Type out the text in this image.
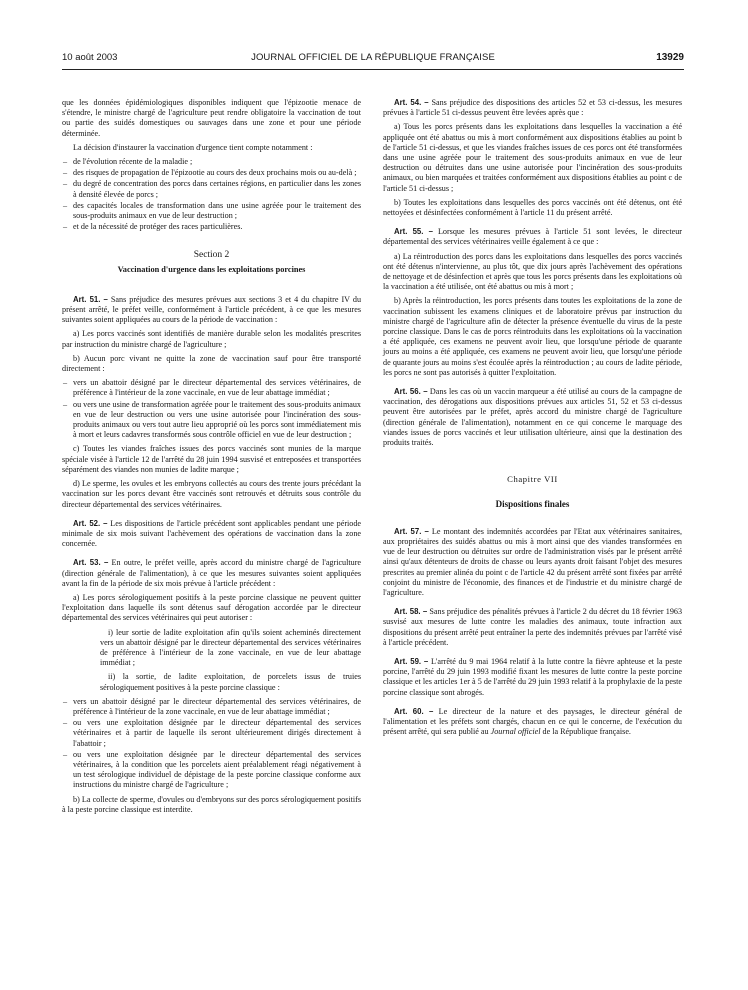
10 août 2003	JOURNAL OFFICIEL DE LA RÉPUBLIQUE FRANÇAISE	13929

que les données épidémiologiques disponibles indiquent que l'épizootie menace de s'étendre, le ministre chargé de l'agriculture peut rendre obligatoire la vaccination de tout ou partie des suidés domestiques ou sauvages dans une zone et pour une période déterminée.

La décision d'instaurer la vaccination d'urgence tient compte notamment :

– de l'évolution récente de la maladie ;
– des risques de propagation de l'épizootie au cours des deux prochains mois ou au-delà ;
– du degré de concentration des porcs dans certaines régions, en particulier dans les zones à densité élevée de porcs ;
– des capacités locales de transformation dans une usine agréée pour le traitement des sous-produits animaux en vue de leur destruction ;
– et de la nécessité de protéger des races particulières.
Section 2
Vaccination d'urgence dans les exploitations porcines

Art. 51. – Sans préjudice des mesures prévues aux sections 3 et 4 du chapitre IV du présent arrêté, le préfet veille, conformément à l'article précédent, à ce que les mesures suivantes soient appliquées au cours de la période de vaccination :

a) Les porcs vaccinés sont identifiés de manière durable selon les modalités prescrites par instruction du ministre chargé de l'agriculture ;

b) Aucun porc vivant ne quitte la zone de vaccination sauf pour être transporté directement :

– vers un abattoir désigné par le directeur départemental des services vétérinaires, de préférence à l'intérieur de la zone vaccinale, en vue de leur abattage immédiat ;
– ou vers une usine de transformation agréée pour le traitement des sous-produits animaux en vue de leur destruction ou vers une usine autorisée pour l'incinération des sous-produits animaux ou vers tout autre lieu approprié où les porcs sont immédiatement mis à mort et leurs cadavres transformés sous contrôle officiel en vue de leur destruction ;

c) Toutes les viandes fraîches issues des porcs vaccinés sont munies de la marque spéciale visée à l'article 12 de l'arrêté du 28 juin 1994 susvisé et entreposées et transportées séparément des viandes non munies de ladite marque ;

d) Le sperme, les ovules et les embryons collectés au cours des trente jours précédant la vaccination sur les porcs devant être vaccinés sont retrouvés et détruits sous contrôle du directeur départemental des services vétérinaires.

Art. 52. – Les dispositions de l'article précédent sont applicables pendant une période minimale de six mois suivant l'achèvement des opérations de vaccination dans la zone concernée.

Art. 53. – En outre, le préfet veille, après accord du ministre chargé de l'agriculture (direction générale de l'alimentation), à ce que les mesures suivantes soient appliquées avant la fin de la période de six mois prévue à l'article précédent :

a) Les porcs sérologiquement positifs à la peste porcine classique ne peuvent quitter l'exploitation dans laquelle ils sont détenus sauf dérogation accordée par le directeur départemental des services vétérinaires qui peut autoriser :

i) leur sortie de ladite exploitation afin qu'ils soient acheminés directement vers un abattoir désigné par le directeur départemental des services vétérinaires de préférence à l'intérieur de la zone vaccinale, en vue de leur abattage immédiat ;

ii) la sortie, de ladite exploitation, de porcelets issus de truies sérologiquement positives à la peste porcine classique :

– vers un abattoir désigné par le directeur départemental des services vétérinaires, de préférence à l'intérieur de la zone vaccinale, en vue de leur abattage immédiat ;
– ou vers une exploitation désignée par le directeur départemental des services vétérinaires et à partir de laquelle ils seront ultérieurement dirigés directement à l'abattoir ;
– ou vers une exploitation désignée par le directeur départemental des services vétérinaires, à la condition que les porcelets aient préalablement réagi négativement à un test sérologique individuel de dépistage de la peste porcine classique conforme aux instructions du ministre chargé de l'agriculture ;

b) La collecte de sperme, d'ovules ou d'embryons sur des porcs sérologiquement positifs à la peste porcine classique est interdite.

Art. 54. – Sans préjudice des dispositions des articles 52 et 53 ci-dessus, les mesures prévues à l'article 51 ci-dessus peuvent être levées après que :

a) Tous les porcs présents dans les exploitations dans lesquelles la vaccination a été appliquée ont été abattus ou mis à mort conformément aux dispositions établies au point b de l'article 51 ci-dessus, et que les viandes fraîches issues de ces porcs ont été transformées dans une usine agréée pour le traitement des sous-produits animaux en vue de leur destruction ou détruites dans une usine autorisée pour l'incinération des sous-produits animaux, ou bien marquées et traitées conformément aux dispositions établies au point c de l'article 51 ci-dessus ;

b) Toutes les exploitations dans lesquelles des porcs vaccinés ont été détenus, ont été nettoyées et désinfectées conformément à l'article 11 du présent arrêté.

Art. 55. – Lorsque les mesures prévues à l'article 51 sont levées, le directeur départemental des services vétérinaires veille également à ce que :

a) La réintroduction des porcs dans les exploitations dans lesquelles des porcs vaccinés ont été détenus n'intervienne, au plus tôt, que dix jours après l'achèvement des opérations de nettoyage et de désinfection et après que tous les porcs présents dans les exploitations où la vaccination a été utilisée, ont été abattus ou mis à mort ;

b) Après la réintroduction, les porcs présents dans toutes les exploitations de la zone de vaccination subissent les examens cliniques et de laboratoire prévus par instruction du ministre chargé de l'agriculture afin de détecter la présence éventuelle du virus de la peste porcine classique. Dans le cas de porcs réintroduits dans les exploitations où la vaccination a été appliquée, ces examens ne peuvent avoir lieu, que lorsqu'une période de quarante jours au moins a été appliquée, ces examens ne peuvent avoir lieu, que lorsqu'une période de quarante jours au moins s'est écoulée après la réintroduction ; au cours de ladite période, les porcs ne sont pas autorisés à quitter l'exploitation.

Art. 56. – Dans les cas où un vaccin marqueur a été utilisé au cours de la campagne de vaccination, des dérogations aux dispositions prévues aux articles 51, 52 et 53 ci-dessus peuvent être autorisées par le préfet, après accord du ministre chargé de l'agriculture (direction générale de l'alimentation), notamment en ce qui concerne le marquage des viandes issues de porcs vaccinés et leur utilisation ultérieure, ainsi que la destination des produits traités.

Chapitre VII
Dispositions finales

Art. 57. – Le montant des indemnités accordées par l'Etat aux vétérinaires sanitaires, aux propriétaires des suidés abattus ou mis à mort ainsi que des viandes transformées en vue de leur destruction ou détruites sur ordre de l'administration visés par le présent arrêté ainsi qu'aux détenteurs de droits de chasse ou leurs ayants droit faisant l'objet des mesures prescrites au premier alinéa du point c de l'article 42 du présent arrêté sont fixées par arrêté conjoint du ministre de l'économie, des finances et de l'industrie et du ministre chargé de l'agriculture.

Art. 58. – Sans préjudice des pénalités prévues à l'article 2 du décret du 18 février 1963 susvisé aux mesures de lutte contre les maladies des animaux, toute infraction aux dispositions du présent arrêté peut entraîner la perte des indemnités prévues par l'arrêté visé à l'article précédent.

Art. 59. – L'arrêté du 9 mai 1964 relatif à la lutte contre la fièvre aphteuse et la peste porcine, l'arrêté du 29 juin 1993 modifié fixant les mesures de lutte contre la peste porcine classique et les articles 1er à 5 de l'arrêté du 29 juin 1993 relatif à la prophylaxie de la peste porcine classique sont abrogés.

Art. 60. – Le directeur de la nature et des paysages, le directeur général de l'alimentation et les préfets sont chargés, chacun en ce qui le concerne, de l'exécution du présent arrêté, qui sera publié au Journal officiel de la République française.
